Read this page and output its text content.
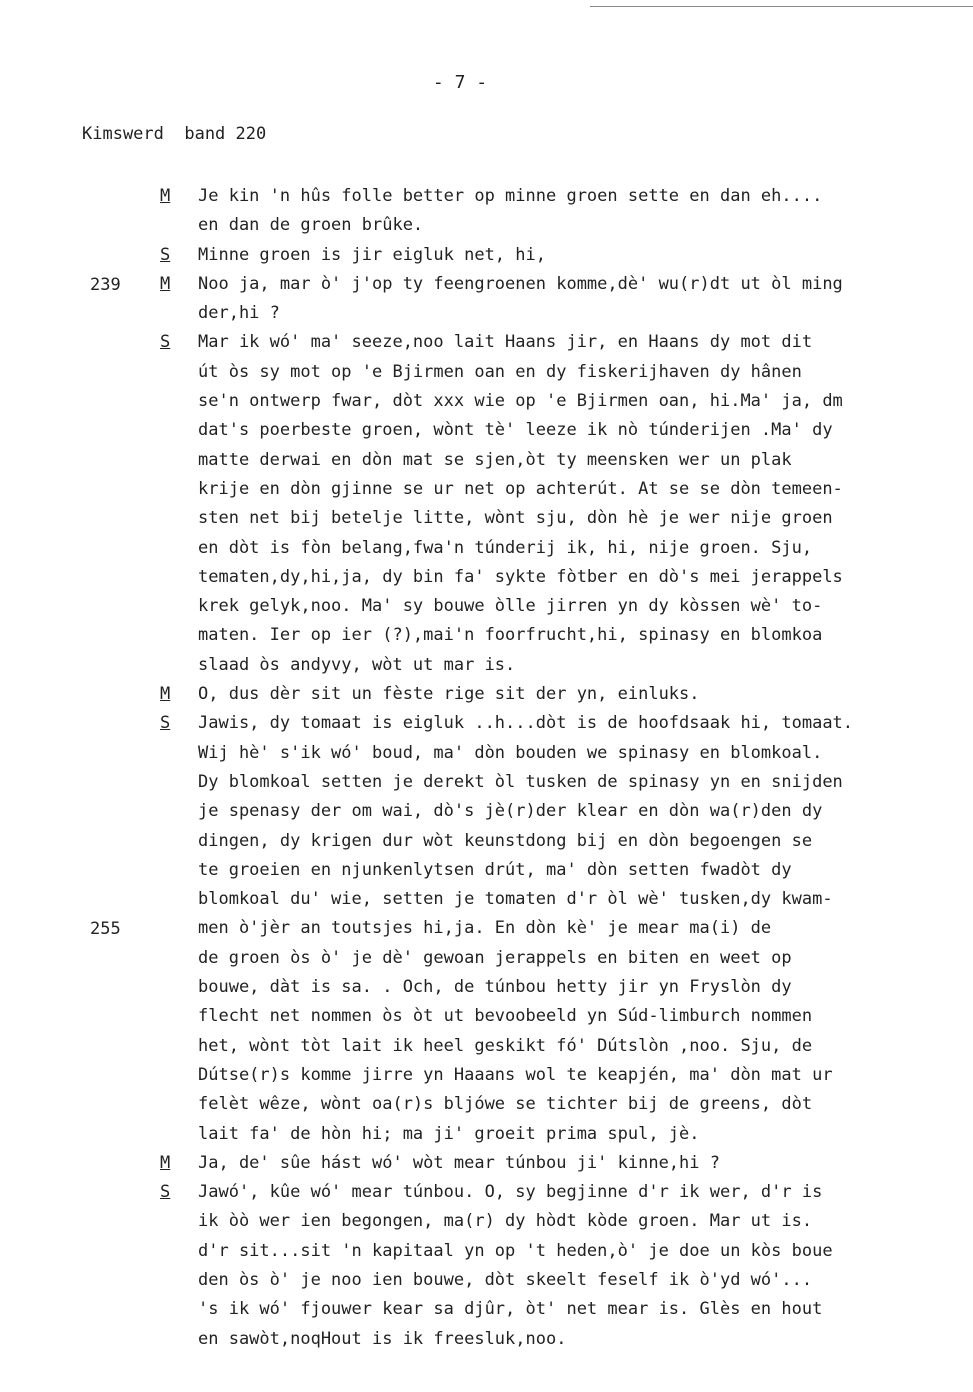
- 7 -
Kimswerd  band 220
M Je kin 'n hûs folle better op minne groen sette en dan eh....
en dan de groen brûke.
S Minne groen is jir eigluk net, hi,
239 M Noo ja, mar ò' j'op ty feengroenen komme,dè' wu(r)dt ut òl ming
der,hi ?
S Mar ik wó' ma' seeze,noo lait Haans jir, en Haans dy mot dit
út òs sy mot op 'e Bjirmen oan en dy fiskerijhaven dy hânen
se'n ontwerp fwar, dòt xxx wie op 'e Bjirmen oan, hi.Ma' ja, dm
dat's poerbeste groen, wònt tè' leeze ik nò túnderijen .Ma' dy
matte derwai en dòn mat se sjen,òt ty meensken wer un plak
krije en dòn gjinne se ur net op achterút. At se se dòn temeen-
sten net bij betelje litte, wònt sju, dòn hè je wer nije groen
en dòt is fòn belang,fwa'n túnderij ik, hi, nije groen. Sju,
tematen,dy,hi,ja, dy bin fa' sykte fòtber en dò's mei jerappels
krek gelyk,noo. Ma' sy bouwe òlle jirren yn dy kòssen wè' to-
maten. Ier op ier (?),mai'n foorfrucht,hi, spinasy en blomkoa
slaad òs andyvy, wòt ut mar is.
M O, dus dèr sit un fèste rige sit der yn, einluks.
S Jawis, dy tomaat is eigluk ..h...dòt is de hoofdsaak hi, tomaat.
Wij hè' s'ik wó' boud, ma' dòn bouden we spinasy en blomkoal.
Dy blomkoal setten je derekt òl tusken de spinasy yn en snijden
je spenasy der om wai, dò's jè(r)der klear en dòn wa(r)den dy
dingen, dy krigen dur wòt keunstdong bij en dòn begoengen se
te groeien en njunkenlytsen drút, ma' dòn setten fwadòt dy
blomkoal du' wie, setten je tomaten d'r òl wè' tusken,dy kwam-
255	men ò'jèr an toutsjes hi,ja. En dòn kè' je mear ma(i) de
de groen òs ò' je dè' gewoan jerappels en biten en weet op
bouwe, dàt is sa. . Och, de túnbou hetty jir yn Fryslòn dy
flecht net nommen òs òt ut bevoobeeld yn Súd-limburch nommen
het, wònt tòt lait ik heel geskikt fó' Dútslòn ,noo. Sju, de
Dútse(r)s komme jirre yn Haaans wol te keapjén, ma' dòn mat ur
felèt wêze, wònt oa(r)s bljówe se tichter bij de greens, dòt
lait fa' de hòn hi; ma ji' groeit prima spul, jè.
M Ja, de' sûe hást wó' wòt mear túnbou ji' kinne,hi ?
S Jawó', kûe wó' mear túnbou. O, sy begjinne d'r ik wer, d'r is
ik òò wer ien begongen, ma(r) dy hòdt kòde groen. Mar ut is.
d'r sit...sit 'n kapitaal yn op 't heden,ò' je doe un kòs boue
den òs ò' je noo ien bouwe, dòt skeelt feself ik ò'yd wó'...
's ik wó' fjouwer kear sa djûr, òt' net mear is. Glès en hout
en sawòt,noqHout is ik freesluk,noo.
